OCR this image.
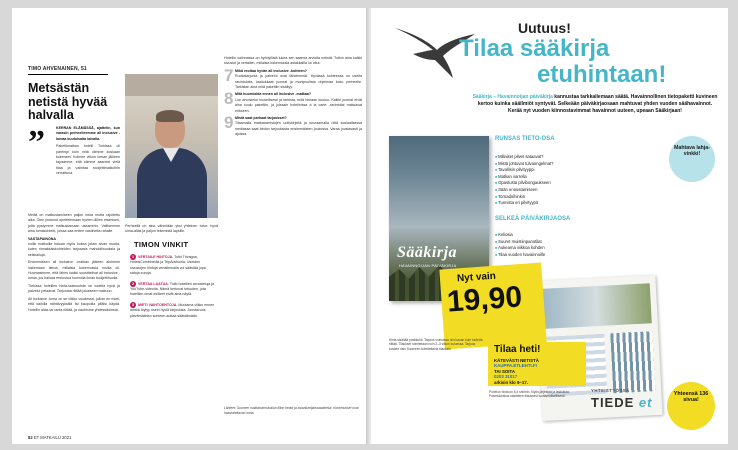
TIMO AHVENAINEN, 51
Metsästän netistä hyvää halvalla
”	KERRAN ELÄMÄSSÄ, ajattelin, kun varasin perheelleemme all inclusive -lomaa kuuluisalta laivalla.

Pakettimatkan hotelli Turkissa oli parempi kuin mitä olimme koskaan kokeneet. Kolmen viikon loman jälkeen tajusimme, että olimme saaneet vielä tilaa ja valintaa budjettimatkoihin verrattuna.

Meillä on matkustamiseen paljon intoa mutta rajoitettu aika. Olen joutunut opettelemaan hyvien diilien etsimisen, jotta pystymme matkustamaan useammin. Valitsemme aina lomakohteet, joissa saa eniten vastinetta rahalle.

VASTAPAINONA
noille matkoille haluan myös kokea jotain aivan muuta, kuten rinnakkaiskohteiden tarjoamia mahdollisuuksia ja seikkailuja.

Ensimmäisen all inclusive -matkan jälkeen aloimme hakemaan tietoa, millaisia kokemuksia muilla oli. Huomasimme, että lähes kaikki suosittelivat all inclusive -lomia, jos haluaa rentoutua kunnolla ilman budjettihuolia.

Turkissa hotellien hinta-laatusuhde on todella hyvä ja palvelut pelaavat. Tarjontaa riittää jokaiseen makuun.

All inclusive -loma on se viikko vuodessa, jolloin en mieti, että kaikilla nähtävyyksillä tai kaupoilla pitäisi käydä. Hotellin allas tai ranta riittää, ja nautimme yhdessäolosta.

Perheellä on aina vähintään yksi yhteinen toive: hyvä uima-allas ja paljon tekemistä lapsille.

TIMON VINKIT
1 VERTAILE HINTOJA. Tutki Trivagoa, HotelsCombinedia ja TripAdvisoria. Useiden sivustojen hintoja vertailemalla voi säästää jopa satoja euroja.
2 VERTAA LAATUA. Tutki hotellien arvosteluja ja YouTube-videoita. Nämä kertovat totuuden, jota hotellien omat esitteet eivät aina näytä.
3 MIETI VAIHTOEHTOJA. Muutama viikko ennen lähtöä löytyy usein hyviä tarjouksia. Joustavuus päivämäärien suhteen auttaa säästämään.

Hotellin valinnassa on hyödyllistä lukea sen saamia arvioita netistä. Tutkin aina kaikki sivustot ja vertailen, millaisia kokemuksia asiakkailla on ollut.

7 Mikä erottaa hyvän all inclusive -kohteen?

Ruokatarjonta ja palvelut ovat tärkeimmät. Hyvässä kohteessa on useita ravintoloita, laadukkaat juomat ja monipuolista ohjelmaa koko perheelle. Tarkistan aina mitä pakettiin sisältyy.

8 Mitä huomioida ennen all inclusive -matkaa?

Lue arvostelut huolellisesti ja tarkista, mitä hintaan kuuluu. Kaikki juomat eivät aina kuulu pakettiin, ja joissain hotelleissa à la carte -ravintolat maksavat erikseen.

9 Mistä saat parhaat tarjoukset?

Tilaamalla matkatoimistojen uutiskirjeitä ja seuraamalla niitä sosiaalisessa mediassa saat tiedon tarjouksista ensimmäisten joukossa. Varaa joustavasti ja ajoissa.

Lähteet: Suomen matkatoimistoalan liiton tiedot ja asiantuntijahaastattelut. Kokemukset ovat haastateltavan omia.
82 ET MATKAILU 2021
Uutuus!
Tilaa sääkirja
etuhintaan!
Sääkirja – Havainnoijan päiväkirja kannustaa tarkkailemaan säätä. Havainnollinen tietopaketti kuvineen kertoo kuinka sääilmiöt syntyvät. Selkeään päiväkirjaosaan mahtuvat yhden vuoden säähavainnot. Kerää nyt vuoden kiinnostavimmat havainnot uuteen, upeaan Sääkirjaan!
Sääkirja
HAVAINNOIJAN PÄIVÄKIRJA
RUNSAS TIETO-OSA
■ Millaiset pilvet sataavat?
■ Mistä johtuvat tulvaongelmat?
■ Tavallisin pilvityyppi
■ Matkan varrella
■ Opastusta pilvibongaukseen
■ Sään ennustamiseen
■ Tornadoihinkin
■ Tunnista eri pilvityypit
SELKEÄ PÄIVÄKIRJAOSA
■ Keliosia
■ Suuret muistiinpanotilat
■ Aukeama viikkoa kohden
■ Tilaa vuoden havainnoille
Mahtava lahja-vinkki!
Nyt vain
19,90
Hinta sisältää postikulut. Tarjous voimassa niin kauan kuin tuotetta riittää. Tilaukset toimitetaan noin 2–3 viikon kuluessa. Tarjous koskee vain Suomeen toimitettavia tilauksia.	Tilaa heti!
KÄTEVÄSTI NETISTÄ
KAUPPA.ETLEHTI.FI
TAI SOITA
0203 31017
arkisin klo 9–17.
Puhelun hinta on 8,4 snt/min. Myös järjestää ja laskuttaa. Palvelukeskus käsittelee tilauksesi luottamuksellisesti.
YHTEISTYÖSSÄ
TIEDE et
Yhteensä 136 sivua!
